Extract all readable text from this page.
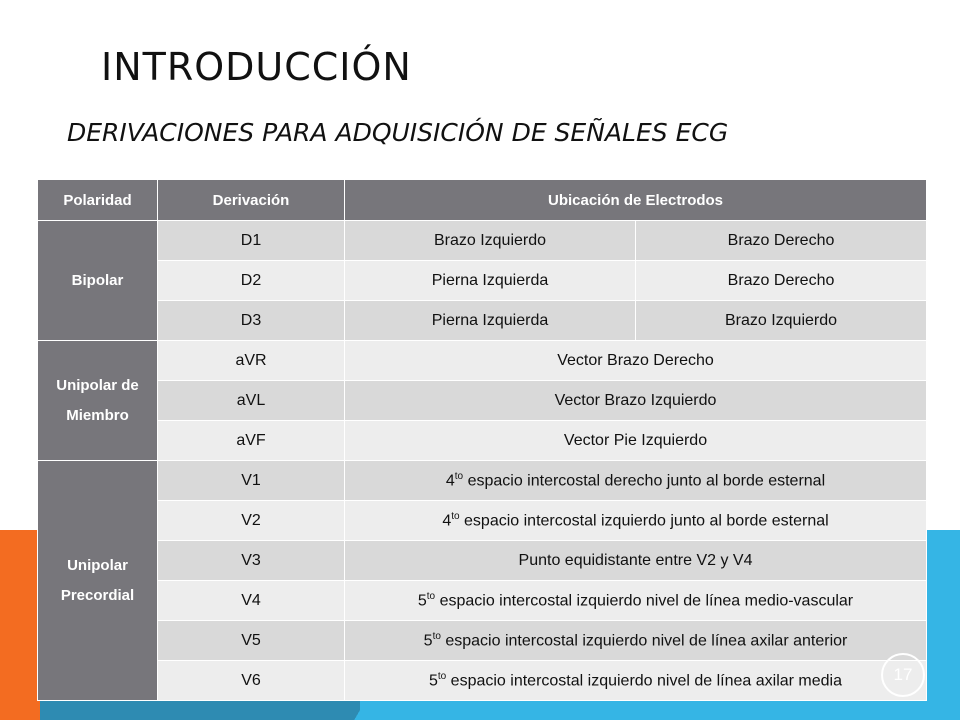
INTRODUCCIÓN
DERIVACIONES PARA ADQUISICIÓN DE SEÑALES ECG
Polaridad	Derivación	Ubicación de Electrodos	
Bipolar	D1	Brazo Izquierdo	Brazo Derecho
	D2	Pierna Izquierda	Brazo Derecho
	D3	Pierna Izquierda	Brazo Izquierdo
Unipolar de
Miembro	aVR	Vector Brazo Derecho	
	aVL	Vector Brazo Izquierdo	
	aVF	Vector Pie Izquierdo	
Unipolar
Precordial	V1	$4^{to}$ espacio intercostal derecho junto al borde esternal	
	V2	$4^{to}$ espacio intercostal izquierdo junto al borde esternal	
	V3	Punto equidistante entre V2 y V4	
	V4	$5^{to}$ espacio intercostal izquierdo nivel de línea medio-vascular	
	V5	$5^{to}$ espacio intercostal izquierdo nivel de línea axilar anterior	
	V6	$5^{to}$ espacio intercostal izquierdo nivel de línea axilar media		17
